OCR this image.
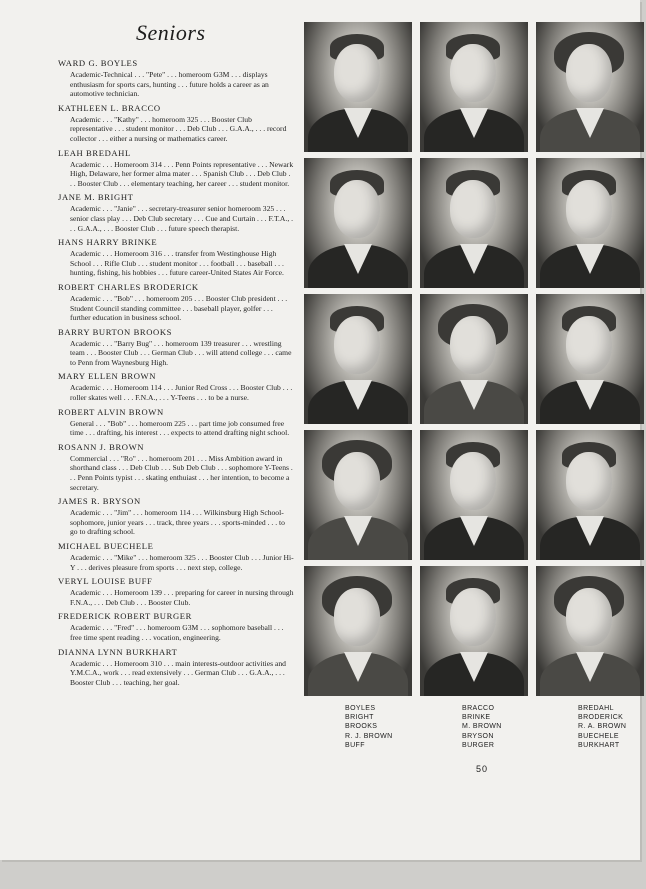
Seniors
WARD G. BOYLES
Academic-Technical . . . "Pete" . . . homeroom G3M . . . displays enthusiasm for sports cars, hunting . . . future holds a career as an automotive technician.
KATHLEEN L. BRACCO
Academic . . . "Kathy" . . . homeroom 325 . . . Booster Club representative . . . student monitor . . . Deb Club . . . G.A.A., . . . record collector . . . either a nursing or mathematics career.
LEAH BREDAHL
Academic . . . Homeroom 314 . . . Penn Points representative . . . Newark High, Delaware, her former alma mater . . . Spanish Club . . . Deb Club . . . Booster Club . . . elementary teaching, her career . . . student monitor.
JANE M. BRIGHT
Academic . . . "Janie" . . . secretary-treasurer senior homeroom 325 . . . senior class play . . . Deb Club secretary . . . Cue and Curtain . . . F.T.A., . . . G.A.A., . . . Booster Club . . . future speech therapist.
HANS HARRY BRINKE
Academic . . . Homeroom 316 . . . transfer from Westinghouse High School . . . Rifle Club . . . student monitor . . . football . . . baseball . . . hunting, fishing, his hobbies . . . future career-United States Air Force.
ROBERT CHARLES BRODERICK
Academic . . . "Bob" . . . homeroom 205 . . . Booster Club president . . . Student Council standing committee . . . baseball player, golfer . . . further education in business school.
BARRY BURTON BROOKS
Academic . . . "Barry Bug" . . . homeroom 139 treasurer . . . wrestling team . . . Booster Club . . . German Club . . . will attend college . . . came to Penn from Waynesburg High.
MARY ELLEN BROWN
Academic . . . Homeroom 114 . . . Junior Red Cross . . . Booster Club . . . roller skates well . . . F.N.A., . . . Y-Teens . . . to be a nurse.
ROBERT ALVIN BROWN
General . . . "Bob" . . . homeroom 225 . . . part time job consumed free time . . . drafting, his interest . . . expects to attend drafting night school.
ROSANN J. BROWN
Commercial . . . "Ro" . . . homeroom 201 . . . Miss Ambition award in shorthand class . . . Deb Club . . . Sub Deb Club . . . sophomore Y-Teens . . . Penn Points typist . . . skating enthuiast . . . her intention, to become a secretary.
JAMES R. BRYSON
Academic . . . "Jim" . . . homeroom 114 . . . Wilkinsburg High School-sophomore, junior years . . . track, three years . . . sports-minded . . . to go to drafting school.
MICHAEL BUECHELE
Academic . . . "Mike" . . . homeroom 325 . . . Booster Club . . . Junior Hi-Y . . . derives pleasure from sports . . . next step, college.
VERYL LOUISE BUFF
Academic . . . Homeroom 139 . . . preparing for career in nursing through F.N.A., . . . Deb Club . . . Booster Club.
FREDERICK ROBERT BURGER
Academic . . . "Fred" . . . homeroom G3M . . . sophomore baseball . . . free time spent reading . . . vocation, engineering.
DIANNA LYNN BURKHART
Academic . . . Homeroom 310 . . . main interests-outdoor activities and Y.M.C.A., work . . . read extensively . . . German Club . . . G.A.A., . . . Booster Club . . . teaching, her goal.
BOYLES
BRIGHT
BROOKS
R. J. BROWN
BUFF
BRACCO
BRINKE
M. BROWN
BRYSON
BURGER
BREDAHL
BRODERICK
R. A. BROWN
BUECHELE
BURKHART
50
